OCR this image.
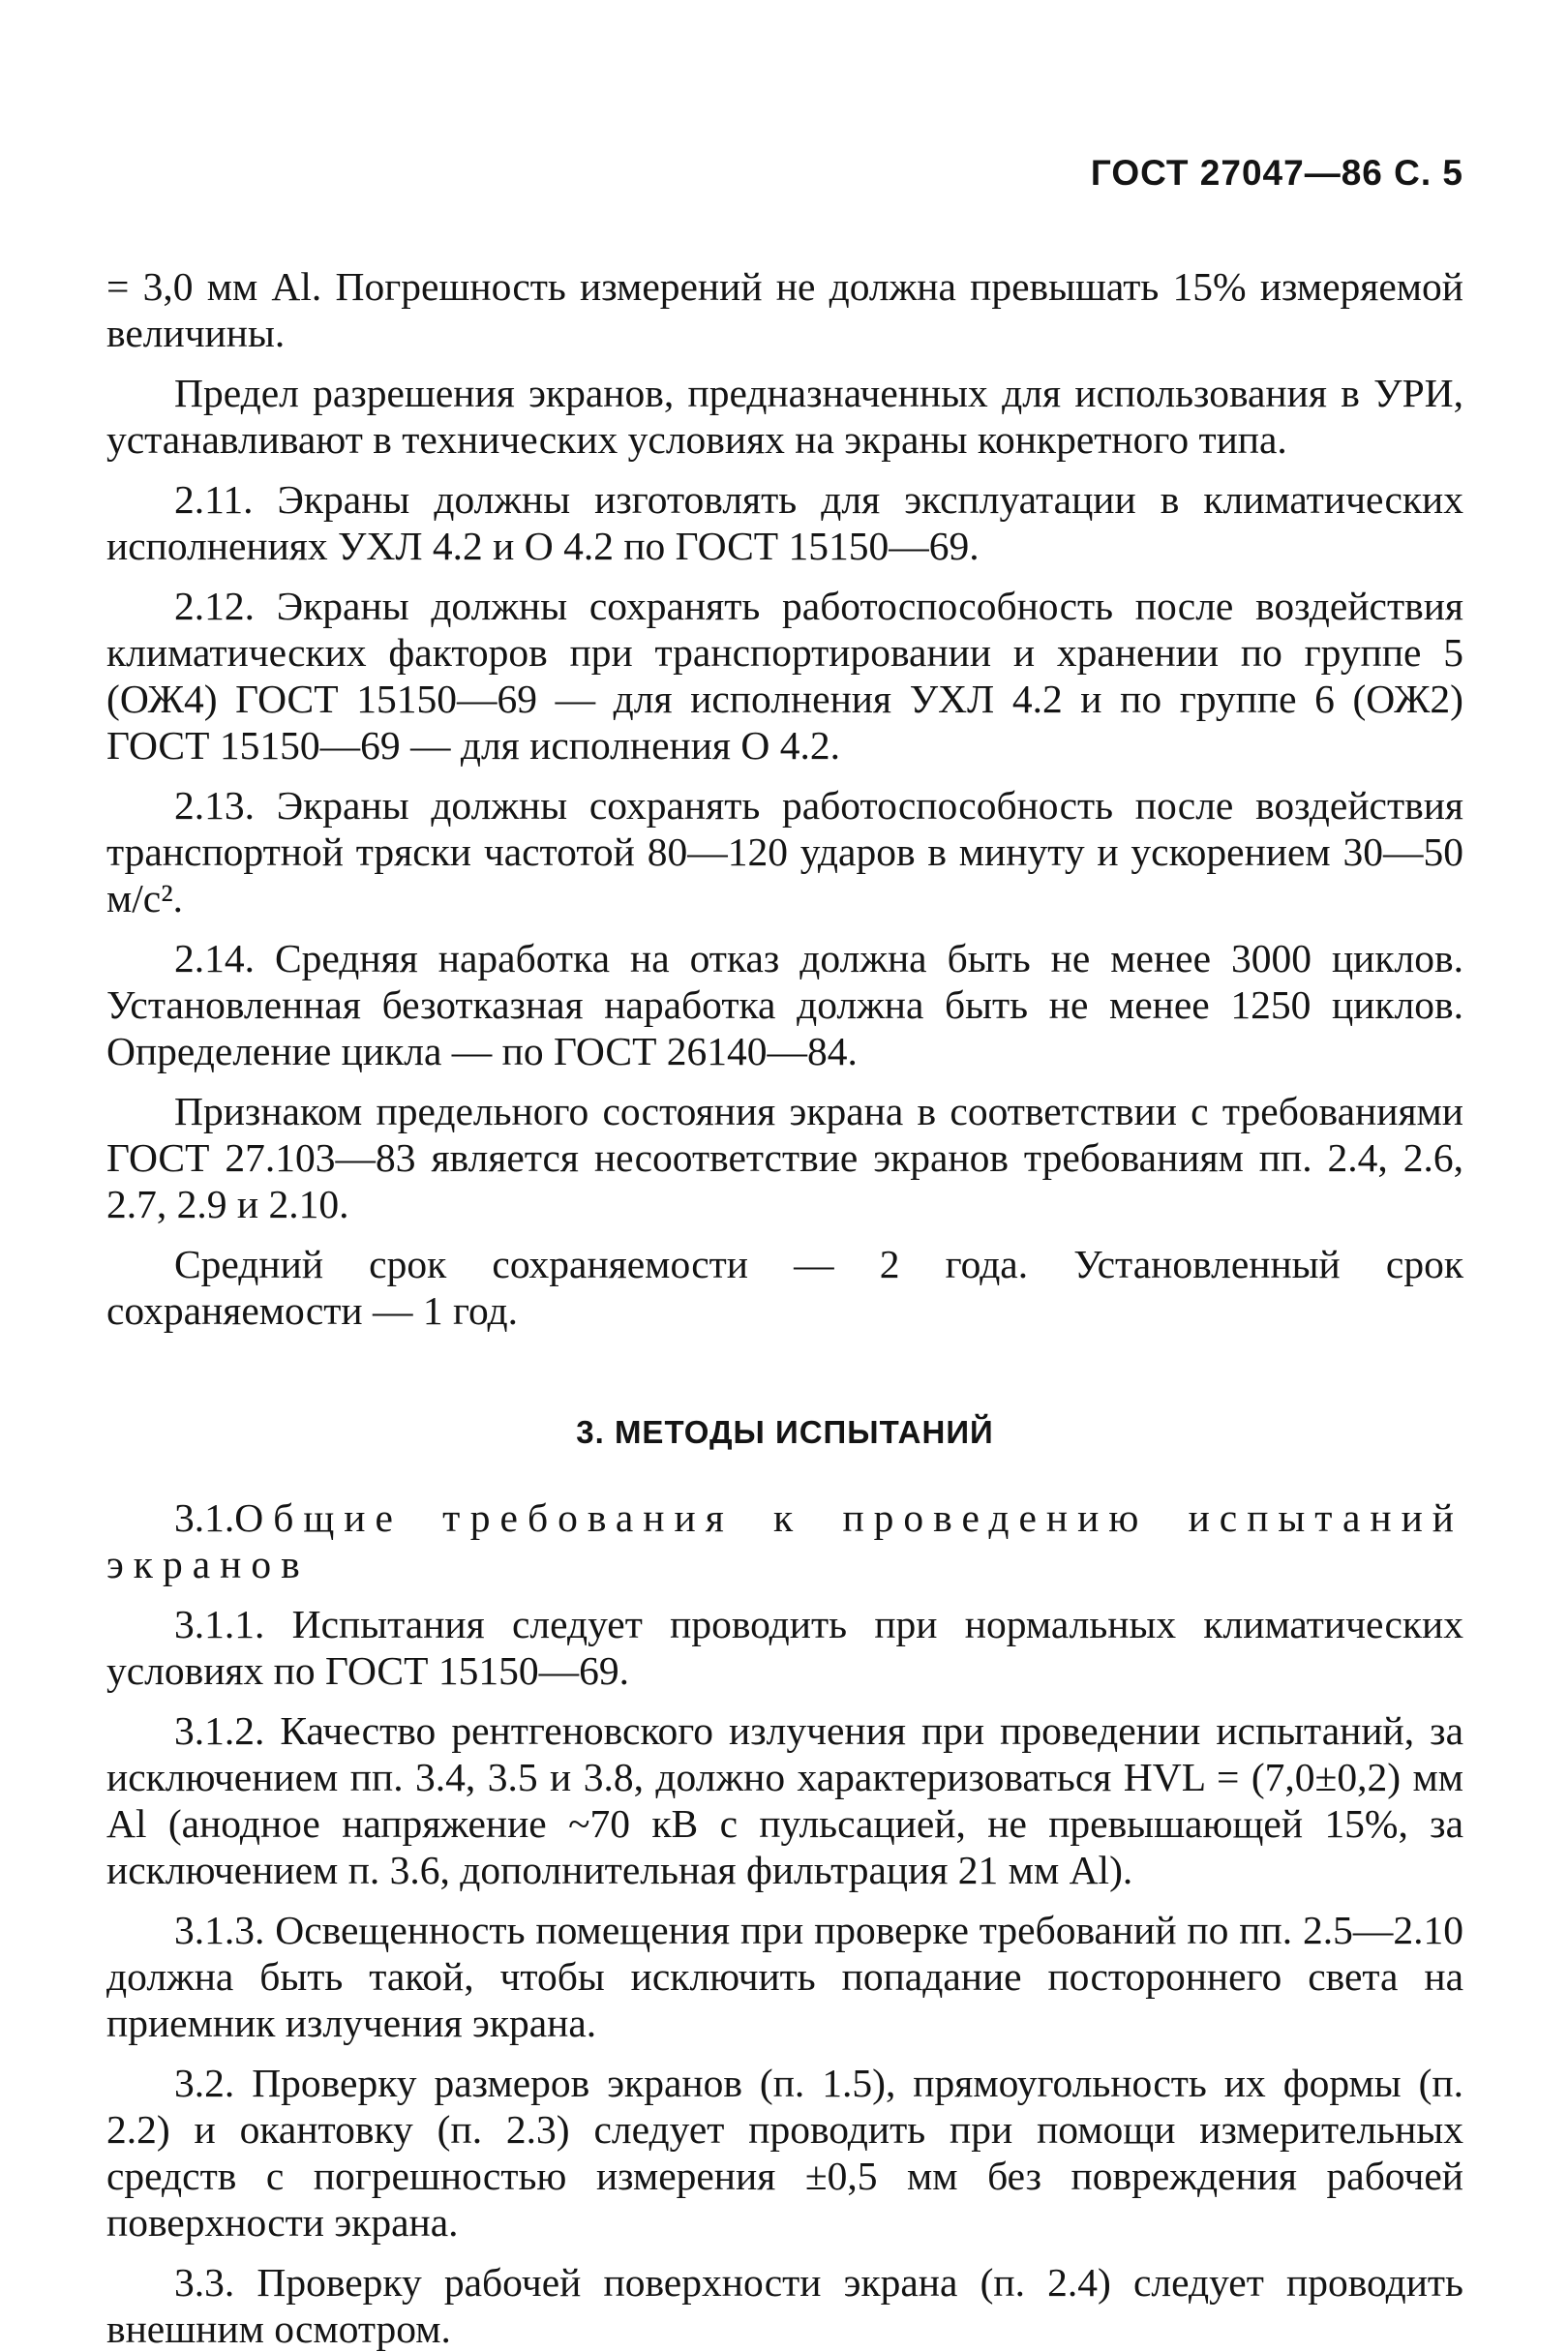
ГОСТ 27047—86 С. 5

= 3,0 мм Al. Погрешность измерений не должна превышать 15% измеряемой величины.

Предел разрешения экранов, предназначенных для использования в УРИ, устанавливают в технических условиях на экраны конкретного типа.

2.11. Экраны должны изготовлять для эксплуатации в климатических исполнениях УХЛ 4.2 и О 4.2 по ГОСТ 15150—69.

2.12. Экраны должны сохранять работоспособность после воздействия климатических факторов при транспортировании и хранении по группе 5 (ОЖ4) ГОСТ 15150—69 — для исполнения УХЛ 4.2 и по группе 6 (ОЖ2) ГОСТ 15150—69 — для исполнения О 4.2.

2.13. Экраны должны сохранять работоспособность после воздействия транспортной тряски частотой 80—120 ударов в минуту и ускорением 30—50 м/с².

2.14. Средняя наработка на отказ должна быть не менее 3000 циклов. Установленная безотказная наработка должна быть не менее 1250 циклов. Определение цикла — по ГОСТ 26140—84.

Признаком предельного состояния экрана в соответствии с требованиями ГОСТ 27.103—83 является несоответствие экранов требованиям пп. 2.4, 2.6, 2.7, 2.9 и 2.10.

Средний срок сохраняемости — 2 года. Установленный срок сохраняемости — 1 год.

3. МЕТОДЫ ИСПЫТАНИЙ

3.1.Общие требования к проведению испытаний экранов

3.1.1. Испытания следует проводить при нормальных климатических условиях по ГОСТ 15150—69.

3.1.2. Качество рентгеновского излучения при проведении испытаний, за исключением пп. 3.4, 3.5 и 3.8, должно характеризоваться HVL = (7,0±0,2) мм Al (анодное напряжение ~70 кВ с пульсацией, не превышающей 15%, за исключением п. 3.6, дополнительная фильтрация 21 мм Al).

3.1.3. Освещенность помещения при проверке требований по пп. 2.5—2.10 должна быть такой, чтобы исключить попадание постороннего света на приемник излучения экрана.

3.2. Проверку размеров экранов (п. 1.5), прямоугольность их формы (п. 2.2) и окантовку (п. 2.3) следует проводить при помощи измерительных средств с погрешностью измерения ±0,5 мм без повреждения рабочей поверхности экрана.

3.3. Проверку рабочей поверхности экрана (п. 2.4) следует проводить внешним осмотром.
